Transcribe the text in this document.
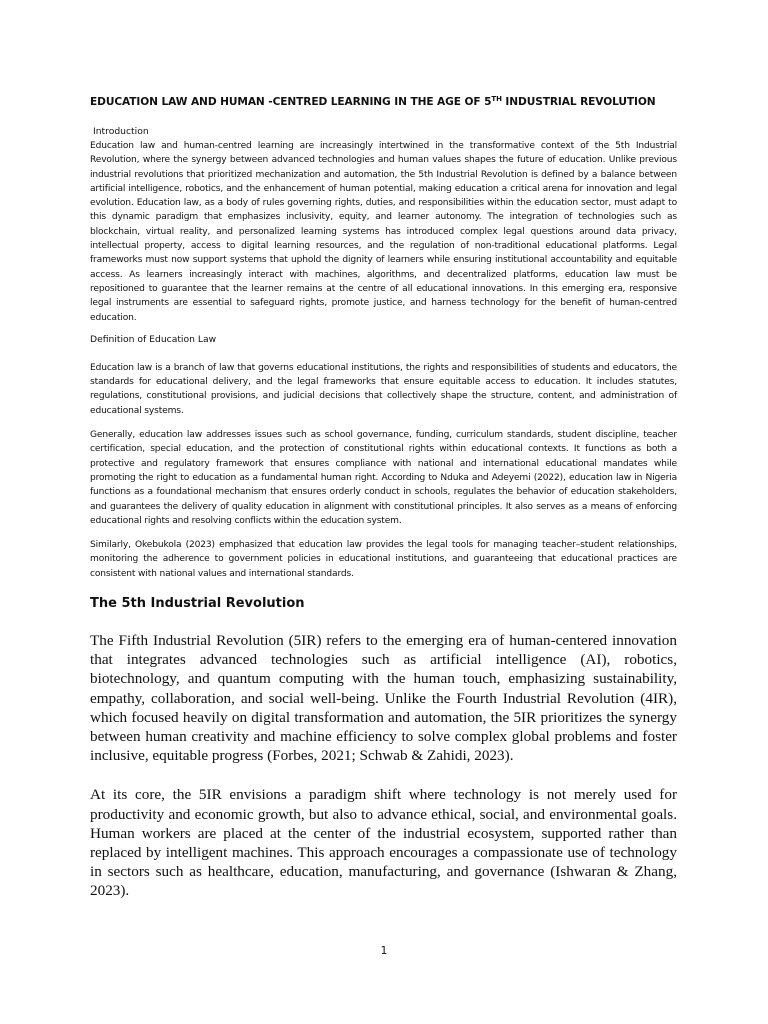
EDUCATION LAW AND HUMAN -CENTRED LEARNING IN THE AGE OF 5TH INDUSTRIAL REVOLUTION

Introduction

Education law and human-centred learning are increasingly intertwined in the transformative context of the 5th Industrial Revolution, where the synergy between advanced technologies and human values shapes the future of education. Unlike previous industrial revolutions that prioritized mechanization and automation, the 5th Industrial Revolution is defined by a balance between artificial intelligence, robotics, and the enhancement of human potential, making education a critical arena for innovation and legal evolution. Education law, as a body of rules governing rights, duties, and responsibilities within the education sector, must adapt to this dynamic paradigm that emphasizes inclusivity, equity, and learner autonomy. The integration of technologies such as blockchain, virtual reality, and personalized learning systems has introduced complex legal questions around data privacy, intellectual property, access to digital learning resources, and the regulation of non-traditional educational platforms. Legal frameworks must now support systems that uphold the dignity of learners while ensuring institutional accountability and equitable access. As learners increasingly interact with machines, algorithms, and decentralized platforms, education law must be repositioned to guarantee that the learner remains at the centre of all educational innovations. In this emerging era, responsive legal instruments are essential to safeguard rights, promote justice, and harness technology for the benefit of human-centred education.

Definition of Education Law

Education law is a branch of law that governs educational institutions, the rights and responsibilities of students and educators, the standards for educational delivery, and the legal frameworks that ensure equitable access to education. It includes statutes, regulations, constitutional provisions, and judicial decisions that collectively shape the structure, content, and administration of educational systems.

Generally, education law addresses issues such as school governance, funding, curriculum standards, student discipline, teacher certification, special education, and the protection of constitutional rights within educational contexts. It functions as both a protective and regulatory framework that ensures compliance with national and international educational mandates while promoting the right to education as a fundamental human right. According to Nduka and Adeyemi (2022), education law in Nigeria functions as a foundational mechanism that ensures orderly conduct in schools, regulates the behavior of education stakeholders, and guarantees the delivery of quality education in alignment with constitutional principles. It also serves as a means of enforcing educational rights and resolving conflicts within the education system.

Similarly, Okebukola (2023) emphasized that education law provides the legal tools for managing teacher–student relationships, monitoring the adherence to government policies in educational institutions, and guaranteeing that educational practices are consistent with national values and international standards.

The 5th Industrial Revolution

The Fifth Industrial Revolution (5IR) refers to the emerging era of human-centered innovation that integrates advanced technologies such as artificial intelligence (AI), robotics, biotechnology, and quantum computing with the human touch, emphasizing sustainability, empathy, collaboration, and social well-being. Unlike the Fourth Industrial Revolution (4IR), which focused heavily on digital transformation and automation, the 5IR prioritizes the synergy between human creativity and machine efficiency to solve complex global problems and foster inclusive, equitable progress (Forbes, 2021; Schwab & Zahidi, 2023).

At its core, the 5IR envisions a paradigm shift where technology is not merely used for productivity and economic growth, but also to advance ethical, social, and environmental goals. Human workers are placed at the center of the industrial ecosystem, supported rather than replaced by intelligent machines. This approach encourages a compassionate use of technology in sectors such as healthcare, education, manufacturing, and governance (Ishwaran & Zhang, 2023).

1
